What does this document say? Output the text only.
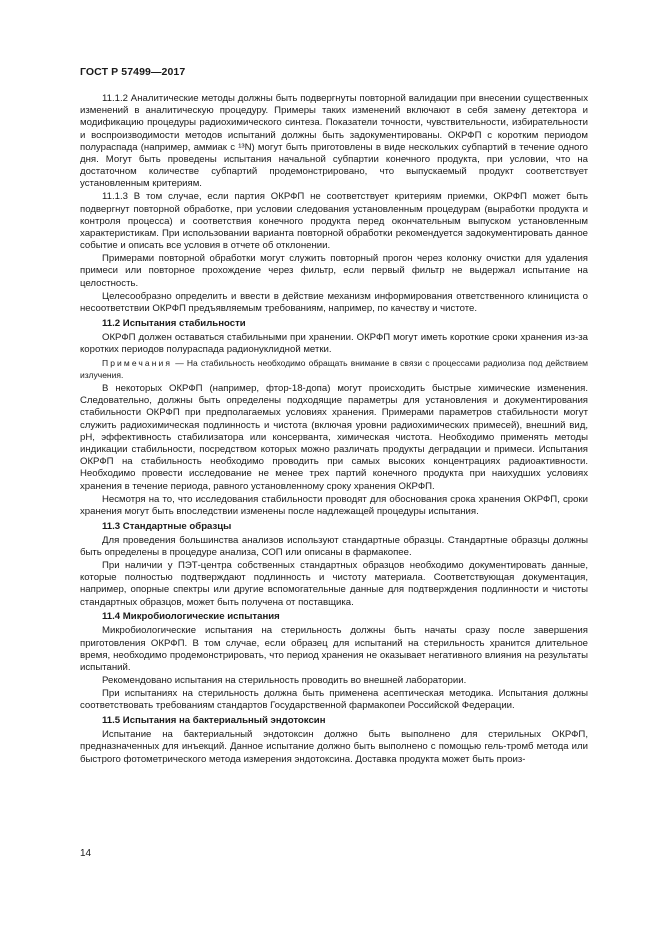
ГОСТ Р 57499—2017

11.1.2 Аналитические методы должны быть подвергнуты повторной валидации при внесении существенных изменений в аналитическую процедуру. Примеры таких изменений включают в себя замену детектора и модификацию процедуры радиохимического синтеза. Показатели точности, чувствительности, избирательности и воспроизводимости методов испытаний должны быть задокументированы. ОКРФП с коротким периодом полураспада (например, аммиак с ¹³N) могут быть приготовлены в виде нескольких субпартий в течение одного дня. Могут быть проведены испытания начальной субпартии конечного продукта, при условии, что на достаточном количестве субпартий продемонстрировано, что выпускаемый продукт соответствует установленным критериям.

11.1.3 В том случае, если партия ОКРФП не соответствует критериям приемки, ОКРФП может быть подвергнут повторной обработке, при условии следования установленным процедурам (выработки продукта и контроля процесса) и соответствия конечного продукта перед окончательным выпуском установленным характеристикам. При использовании варианта повторной обработки рекомендуется задокументировать данное событие и описать все условия в отчете об отклонении.

Примерами повторной обработки могут служить повторный прогон через колонку очистки для удаления примеси или повторное прохождение через фильтр, если первый фильтр не выдержал испытание на целостность.

Целесообразно определить и ввести в действие механизм информирования ответственного клинициста о несоответствии ОКРФП предъявляемым требованиям, например, по качеству и чистоте.

11.2 Испытания стабильности

ОКРФП должен оставаться стабильными при хранении. ОКРФП могут иметь короткие сроки хранения из-за коротких периодов полураспада радионуклидной метки.

Примечания — На стабильность необходимо обращать внимание в связи с процессами радиолиза под действием излучения.

В некоторых ОКРФП (например, фтор-18-допа) могут происходить быстрые химические изменения. Следовательно, должны быть определены подходящие параметры для установления и документирования стабильности ОКРФП при предполагаемых условиях хранения. Примерами параметров стабильности могут служить радиохимическая подлинность и чистота (включая уровни радиохимических примесей), внешний вид, pH, эффективность стабилизатора или консерванта, химическая чистота. Необходимо применять методы индикации стабильности, посредством которых можно различать продукты деградации и примеси. Испытания ОКРФП на стабильность необходимо проводить при самых высоких концентрациях радиоактивности. Необходимо провести исследование не менее трех партий конечного продукта при наихудших условиях хранения в течение периода, равного установленному сроку хранения ОКРФП.

Несмотря на то, что исследования стабильности проводят для обоснования срока хранения ОКРФП, сроки хранения могут быть впоследствии изменены после надлежащей процедуры испытания.

11.3 Стандартные образцы

Для проведения большинства анализов используют стандартные образцы. Стандартные образцы должны быть определены в процедуре анализа, СОП или описаны в фармакопее.

При наличии у ПЭТ-центра собственных стандартных образцов необходимо документировать данные, которые полностью подтверждают подлинность и чистоту материала. Соответствующая документация, например, опорные спектры или другие вспомогательные данные для подтверждения подлинности и чистоты стандартных образцов, может быть получена от поставщика.

11.4 Микробиологические испытания

Микробиологические испытания на стерильность должны быть начаты сразу после завершения приготовления ОКРФП. В том случае, если образец для испытаний на стерильность хранится длительное время, необходимо продемонстрировать, что период хранения не оказывает негативного влияния на результаты испытаний.

Рекомендовано испытания на стерильность проводить во внешней лаборатории.

При испытаниях на стерильность должна быть применена асептическая методика. Испытания должны соответствовать требованиям стандартов Государственной фармакопеи Российской Федерации.

11.5 Испытания на бактериальный эндотоксин

Испытание на бактериальный эндотоксин должно быть выполнено для стерильных ОКРФП, предназначенных для инъекций. Данное испытание должно быть выполнено с помощью гель-тромб метода или быстрого фотометрического метода измерения эндотоксина. Доставка продукта может быть произ-

14
